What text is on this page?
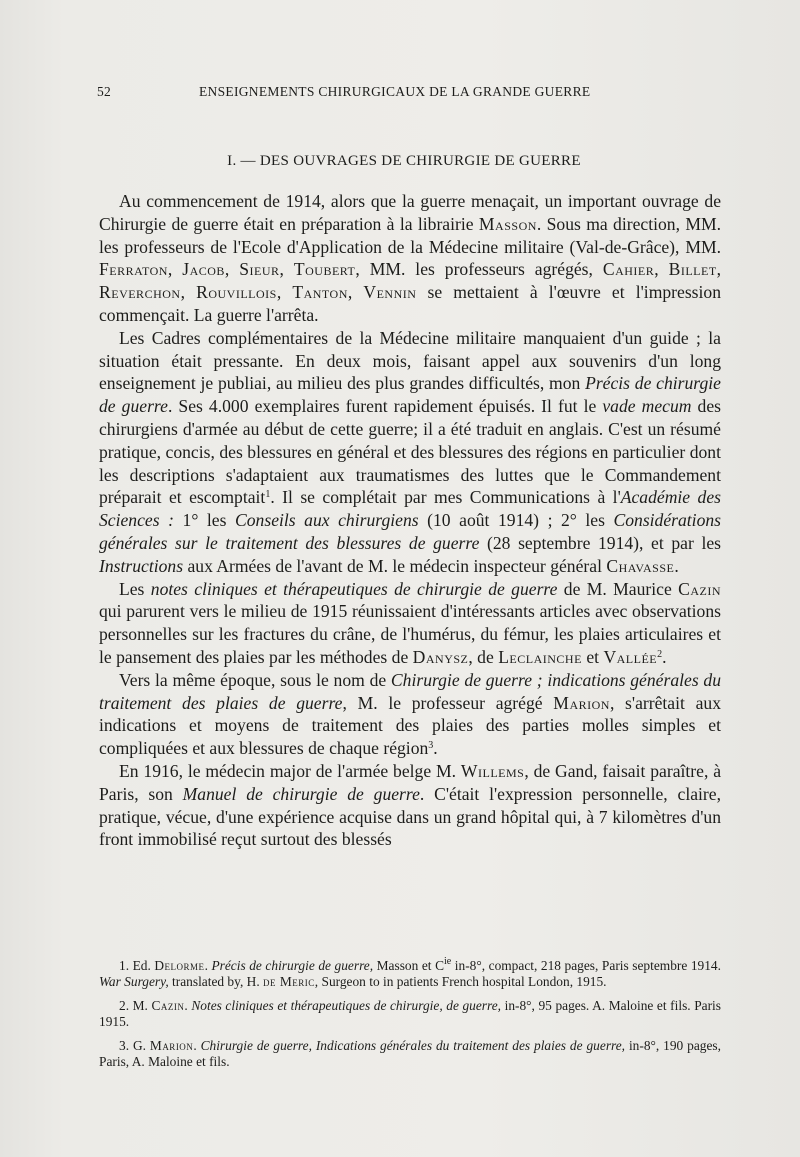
52	ENSEIGNEMENTS CHIRURGICAUX DE LA GRANDE GUERRE
I. — DES OUVRAGES DE CHIRURGIE DE GUERRE

Au commencement de 1914, alors que la guerre menaçait, un important ouvrage de Chirurgie de guerre était en préparation à la librairie Masson. Sous ma direction, MM. les professeurs de l'Ecole d'Application de la Médecine militaire (Val-de-Grâce), MM. Ferraton, Jacob, Sieur, Toubert, MM. les professeurs agrégés, Cahier, Billet, Reverchon, Rouvillois, Tanton, Vennin se mettaient à l'œuvre et l'impression commençait. La guerre l'arrêta.

Les Cadres complémentaires de la Médecine militaire manquaient d'un guide ; la situation était pressante. En deux mois, faisant appel aux souvenirs d'un long enseignement je publiai, au milieu des plus grandes difficultés, mon Précis de chirurgie de guerre. Ses 4.000 exemplaires furent rapidement épuisés. Il fut le vade mecum des chirurgiens d'armée au début de cette guerre; il a été traduit en anglais. C'est un résumé pratique, concis, des blessures en général et des blessures des régions en particulier dont les descriptions s'adaptaient aux traumatismes des luttes que le Commandement préparait et escomptait$^1$. Il se complétait par mes Communications à l'Académie des Sciences : 1° les Conseils aux chirurgiens (10 août 1914) ; 2° les Considérations générales sur le traitement des blessures de guerre (28 septembre 1914), et par les Instructions aux Armées de l'avant de M. le médecin inspecteur général Chavasse.

Les notes cliniques et thérapeutiques de chirurgie de guerre de M. Maurice Cazin qui parurent vers le milieu de 1915 réunissaient d'intéressants articles avec observations personnelles sur les fractures du crâne, de l'humérus, du fémur, les plaies articulaires et le pansement des plaies par les méthodes de Danysz, de Leclainche et Vallée$^2$.

Vers la même époque, sous le nom de Chirurgie de guerre ; indications générales du traitement des plaies de guerre, M. le professeur agrégé Marion, s'arrêtait aux indications et moyens de traitement des plaies des parties molles simples et compliquées et aux blessures de chaque région$^3$.

En 1916, le médecin major de l'armée belge M. Willems, de Gand, faisait paraître, à Paris, son Manuel de chirurgie de guerre. C'était l'expression personnelle, claire, pratique, vécue, d'une expérience acquise dans un grand hôpital qui, à 7 kilomètres d'un front immobilisé reçut surtout des blessés

1. Ed. Delorme. Précis de chirurgie de guerre, Masson et $C^{ie}$ in-8°, compact, 218 pages, Paris septembre 1914. War Surgery, translated by, H. de Meric, Surgeon to in patients French hospital London, 1915.

2. M. Cazin. Notes cliniques et thérapeutiques de chirurgie, de guerre, in-8°, 95 pages. A. Maloine et fils. Paris 1915.

3. G. Marion. Chirurgie de guerre, Indications générales du traitement des plaies de guerre, in-8°, 190 pages, Paris, A. Maloine et fils.
